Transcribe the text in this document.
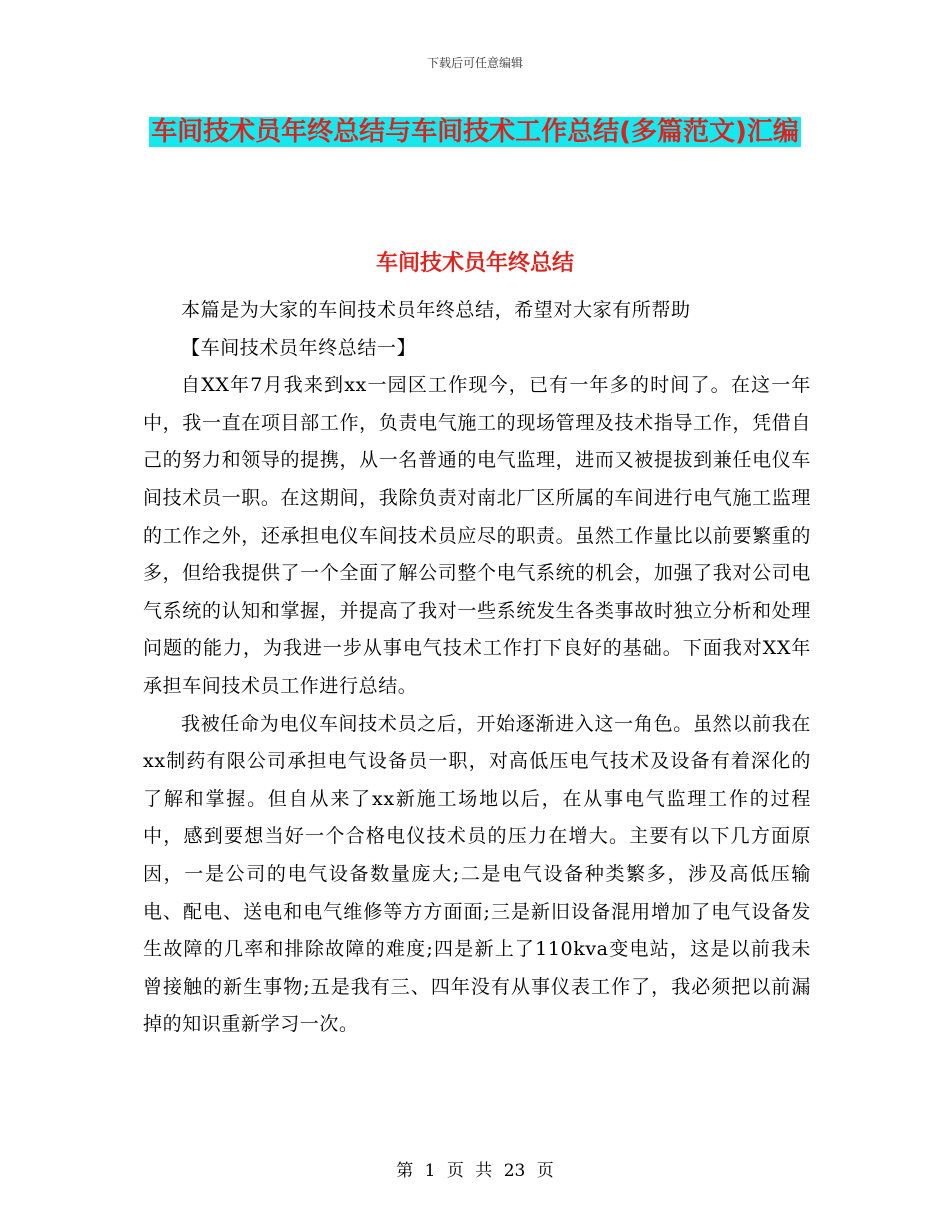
下载后可任意编辑
车间技术员年终总结与车间技术工作总结(多篇范文)汇编
车间技术员年终总结

本篇是为大家的车间技术员年终总结，希望对大家有所帮助

【车间技术员年终总结一】

自XX年7月我来到xx一园区工作现今，已有一年多的时间了。在这一年中，我一直在项目部工作，负责电气施工的现场管理及技术指导工作，凭借自己的努力和领导的提携，从一名普通的电气监理，进而又被提拔到兼任电仪车间技术员一职。在这期间，我除负责对南北厂区所属的车间进行电气施工监理的工作之外，还承担电仪车间技术员应尽的职责。虽然工作量比以前要繁重的多，但给我提供了一个全面了解公司整个电气系统的机会，加强了我对公司电气系统的认知和掌握，并提高了我对一些系统发生各类事故时独立分析和处理问题的能力，为我进一步从事电气技术工作打下良好的基础。下面我对XX年承担车间技术员工作进行总结。

我被任命为电仪车间技术员之后，开始逐渐进入这一角色。虽然以前我在xx制药有限公司承担电气设备员一职，对高低压电气技术及设备有着深化的了解和掌握。但自从来了xx新施工场地以后，在从事电气监理工作的过程中，感到要想当好一个合格电仪技术员的压力在增大。主要有以下几方面原因，一是公司的电气设备数量庞大;二是电气设备种类繁多，涉及高低压输电、配电、送电和电气维修等方方面面;三是新旧设备混用增加了电气设备发生故障的几率和排除故障的难度;四是新上了110kva变电站，这是以前我未曾接触的新生事物;五是我有三、四年没有从事仪表工作了，我必须把以前漏掉的知识重新学习一次。

第 1 页 共 23 页
